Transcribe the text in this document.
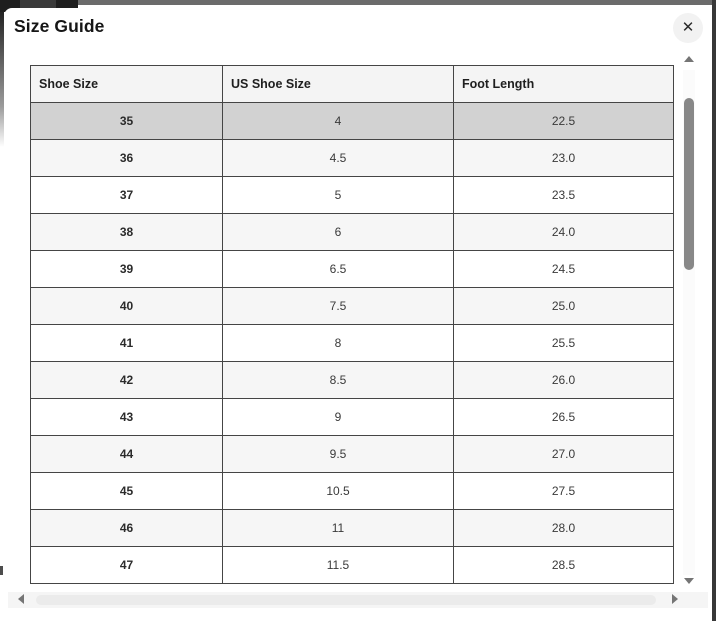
Size Guide	✕
Shoe Size	US Shoe Size	Foot Length
35	4	22.5
36	4.5	23.0
37	5	23.5
38	6	24.0
39	6.5	24.5
40	7.5	25.0
41	8	25.5
42	8.5	26.0
43	9	26.5
44	9.5	27.0
45	10.5	27.5
46	11	28.0
47	11.5	28.5
